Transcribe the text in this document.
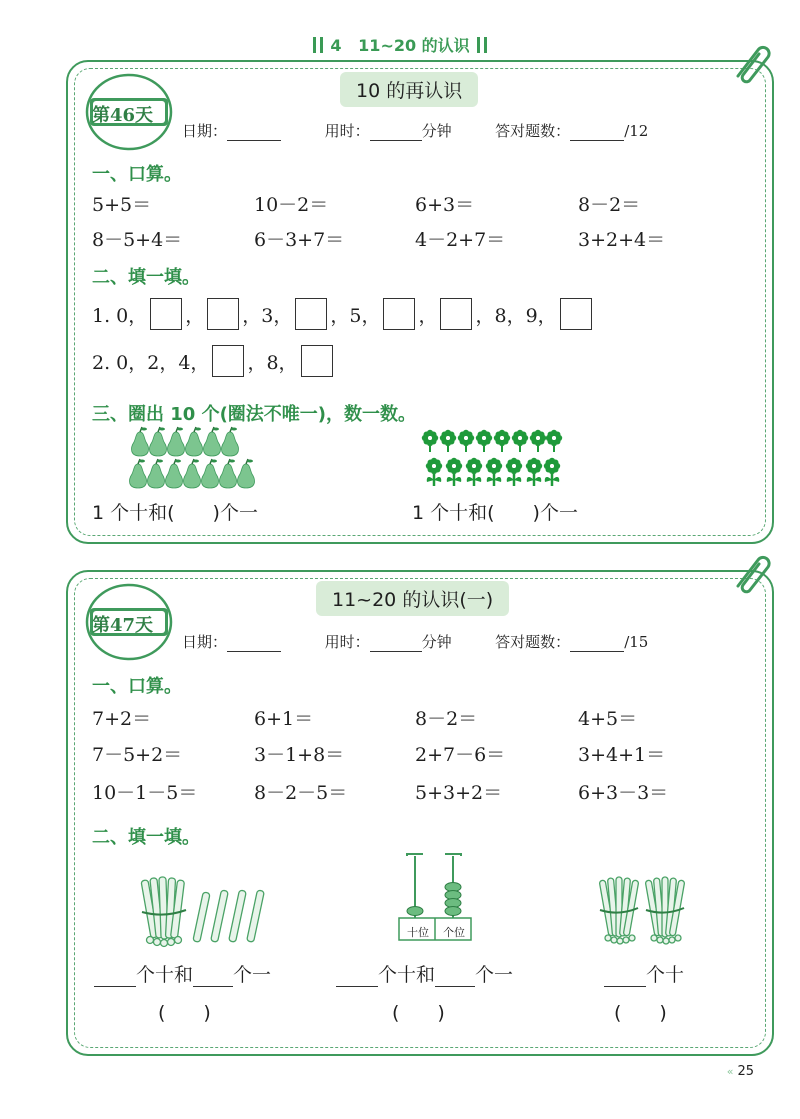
4 11~20 的认识
第46天
10 的再认识
日期：	用时：	分钟	答对题数：	/12
一、口算。
5+5＝	10－2＝	6+3＝	8－2＝
8－5+4＝	6－3+7＝	4－2+7＝	3+2+4＝
二、填一填。
1. 0， ， ，3， ，5， ， ，8，9，
2. 0，2，4， ，8，
三、圈出 10 个(圈法不唯一)，数一数。
1 个十和(　　)个一	1 个十和(　　)个一
第47天
11~20 的认识(一)
日期：	用时：	分钟	答对题数：	/15
一、口算。
7+2＝	6+1＝	8－2＝	4+5＝
7－5+2＝	3－1+8＝	2+7－6＝	3+4+1＝
10－1－5＝	8－2－5＝	5+3+2＝	6+3－3＝
二、填一填。
十位	个位
个十和 个一	个十和 个一	个十
(　　)	(　　)	(　　)
« 25
